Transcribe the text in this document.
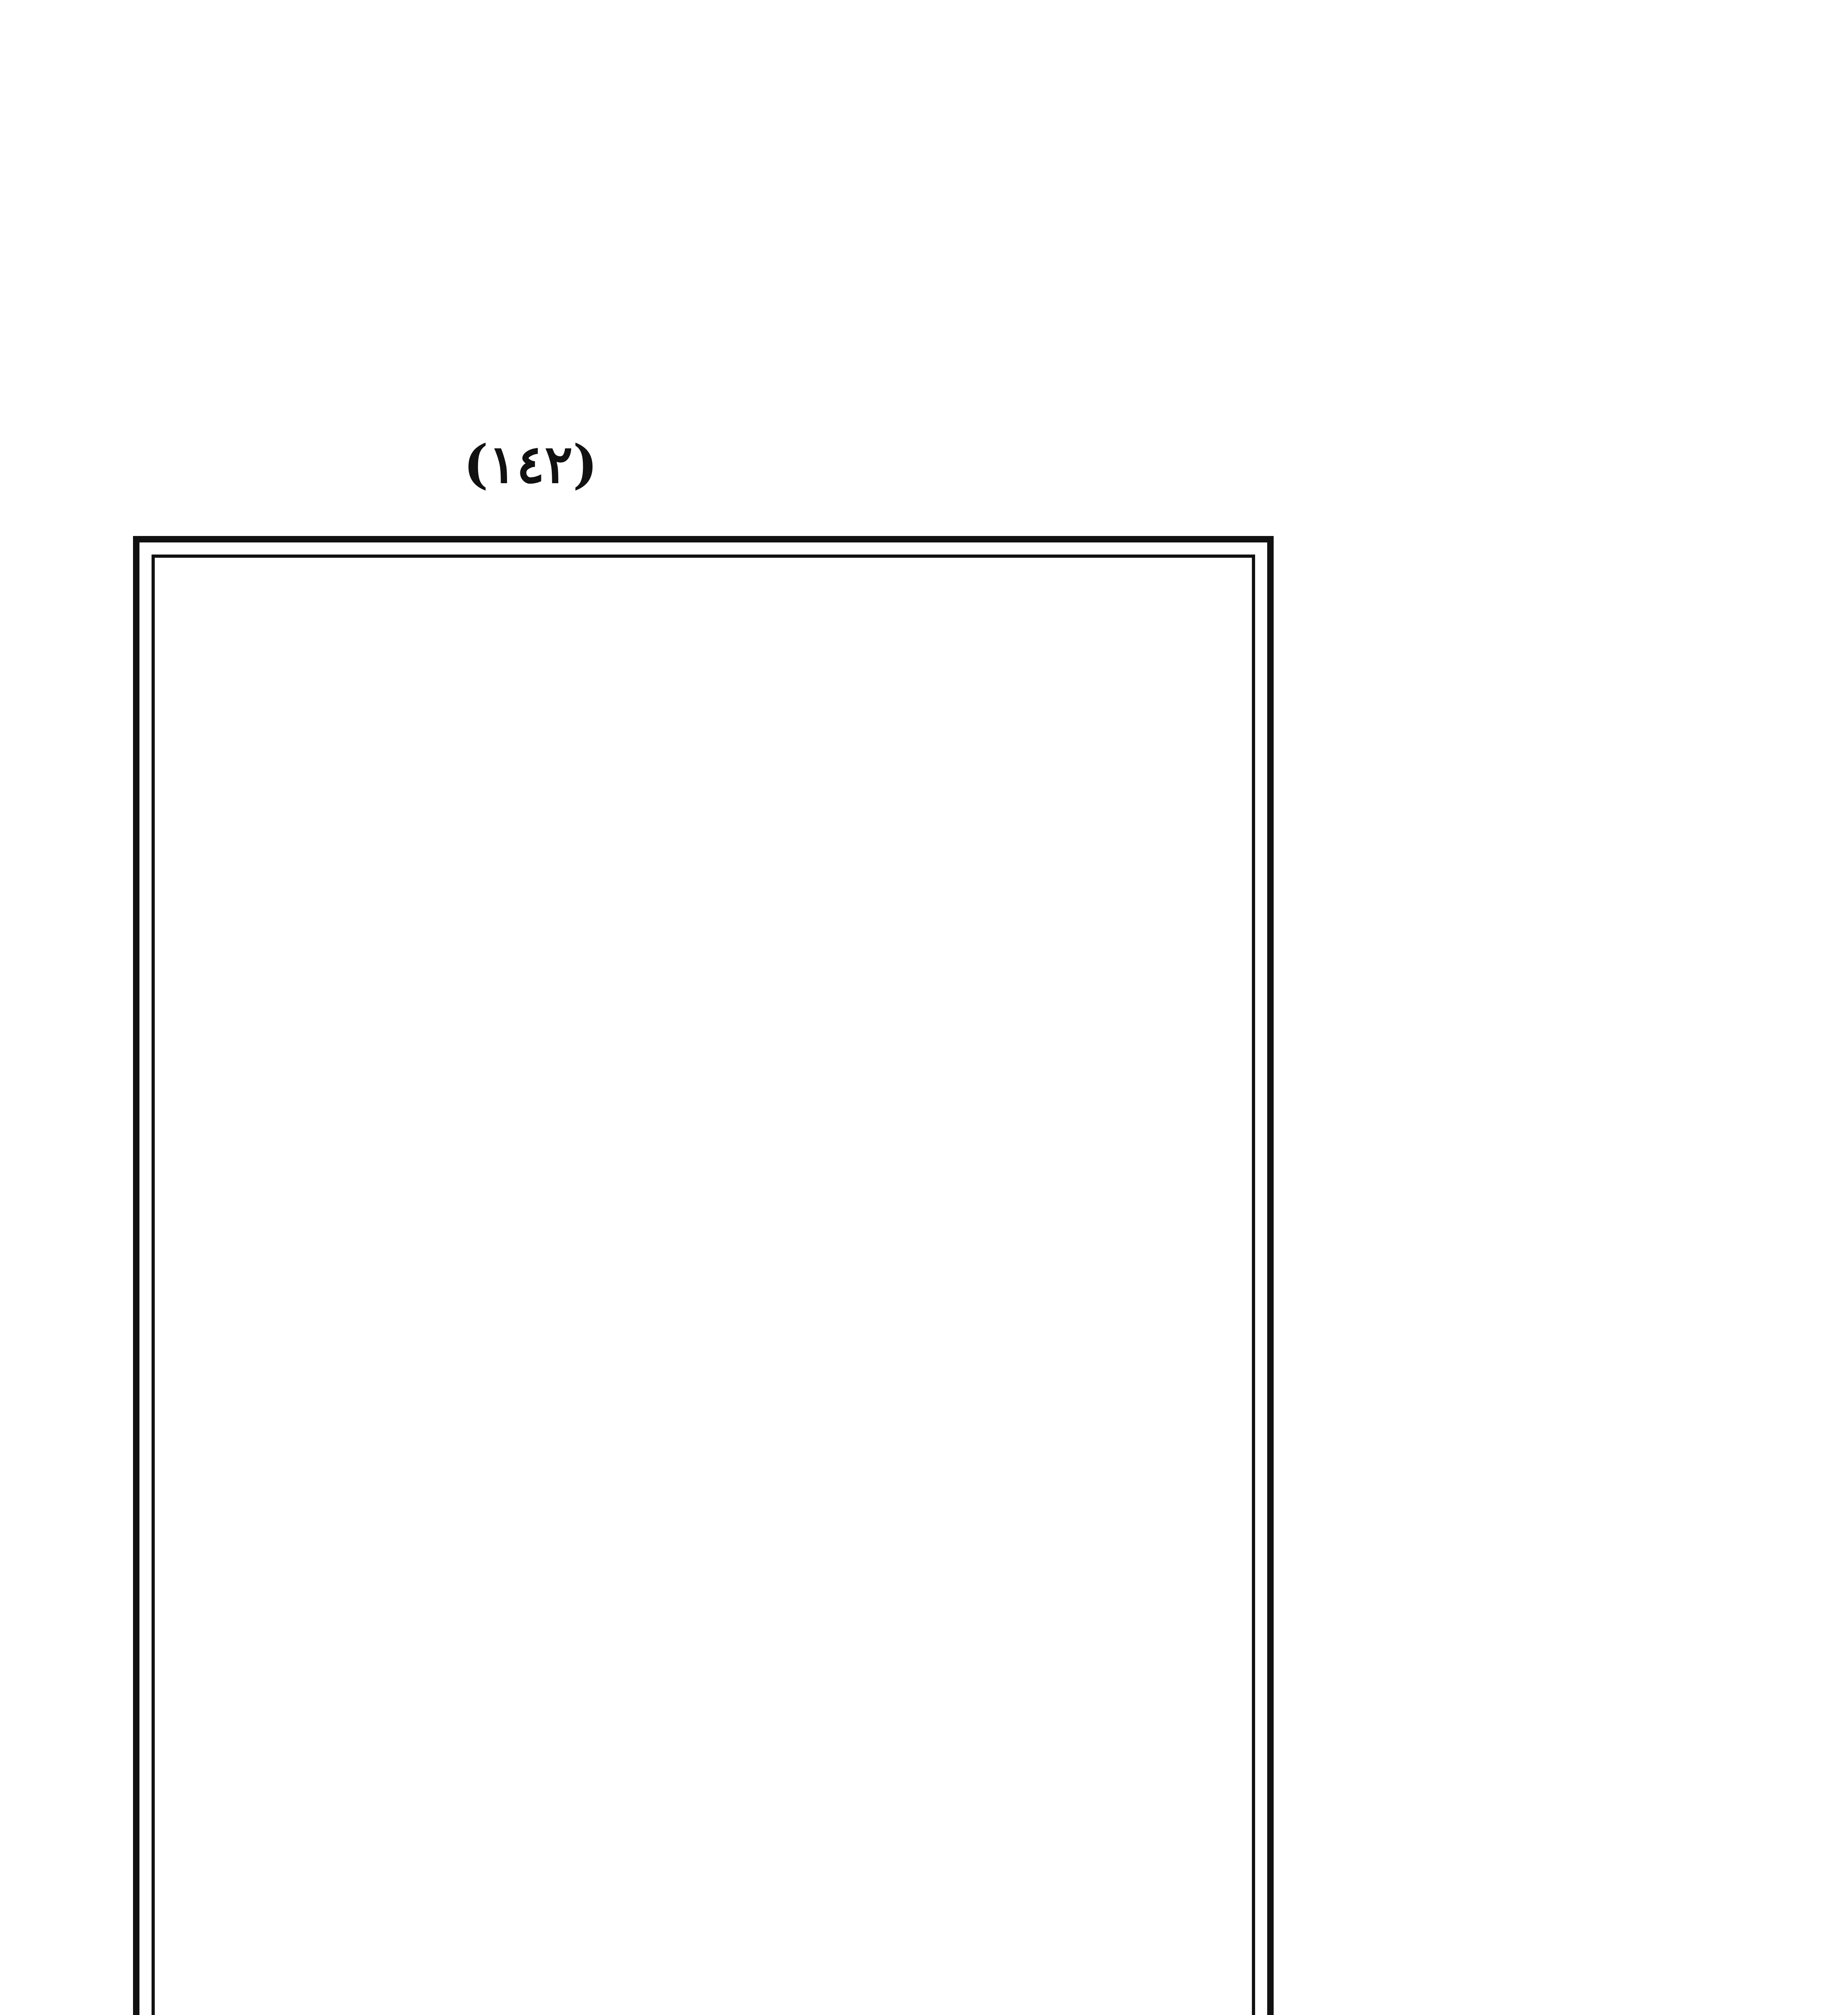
(١٤٢)
